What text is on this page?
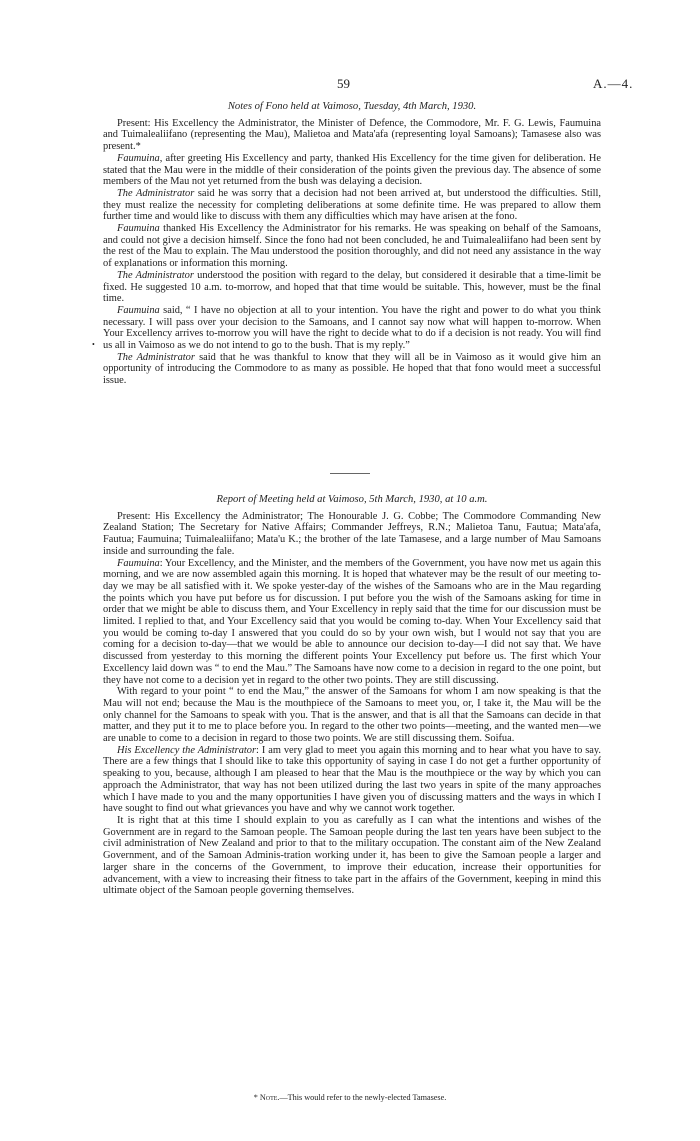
59	A.—4.
Notes of Fono held at Vaimoso, Tuesday, 4th March, 1930.

Present: His Excellency the Administrator, the Minister of Defence, the Commodore, Mr. F. G. Lewis, Faumuina and Tuimalealiifano (representing the Mau), Malietoa and Mata'afa (representing loyal Samoans); Tamasese also was present.*

Faumuina, after greeting His Excellency and party, thanked His Excellency for the time given for deliberation. He stated that the Mau were in the middle of their consideration of the points given the previous day. The absence of some members of the Mau not yet returned from the bush was delaying a decision.

The Administrator said he was sorry that a decision had not been arrived at, but understood the difficulties. Still, they must realize the necessity for completing deliberations at some definite time. He was prepared to allow them further time and would like to discuss with them any difficulties which may have arisen at the fono.

Faumuina thanked His Excellency the Administrator for his remarks. He was speaking on behalf of the Samoans, and could not give a decision himself. Since the fono had not been concluded, he and Tuimalealiifano had been sent by the rest of the Mau to explain. The Mau understood the position thoroughly, and did not need any assistance in the way of explanations or information this morning.

The Administrator understood the position with regard to the delay, but considered it desirable that a time-limit be fixed. He suggested 10 a.m. to-morrow, and hoped that that time would be suitable. This, however, must be the final time.

Faumuina said, “ I have no objection at all to your intention. You have the right and power to do what you think necessary. I will pass over your decision to the Samoans, and I cannot say now what will happen to-morrow. When Your Excellency arrives to-morrow you will have the right to decide what to do if a decision is not ready. You will find us all in Vaimoso as we do not intend to go to the bush. That is my reply.”

The Administrator said that he was thankful to know that they will all be in Vaimoso as it would give him an opportunity of introducing the Commodore to as many as possible. He hoped that that fono would meet a successful issue.

•
Report of Meeting held at Vaimoso, 5th March, 1930, at 10 a.m.

Present: His Excellency the Administrator; The Honourable J. G. Cobbe; The Commodore Commanding New Zealand Station; The Secretary for Native Affairs; Commander Jeffreys, R.N.; Malietoa Tanu, Fautua; Mata'afa, Fautua; Faumuina; Tuimalealiifano; Mata'u K.; the brother of the late Tamasese, and a large number of Mau Samoans inside and surrounding the fale.

Faumuina: Your Excellency, and the Minister, and the members of the Government, you have now met us again this morning, and we are now assembled again this morning. It is hoped that whatever may be the result of our meeting to-day we may be all satisfied with it. We spoke yester-day of the wishes of the Samoans who are in the Mau regarding the points which you have put before us for discussion. I put before you the wish of the Samoans asking for time in order that we might be able to discuss them, and Your Excellency in reply said that the time for our discussion must be limited. I replied to that, and Your Excellency said that you would be coming to-day. When Your Excellency said that you would be coming to-day I answered that you could do so by your own wish, but I would not say that you are coming for a decision to-day—that we would be able to announce our decision to-day—I did not say that. We have discussed from yesterday to this morning the different points Your Excellency put before us. The first which Your Excellency laid down was “ to end the Mau.” The Samoans have now come to a decision in regard to the one point, but they have not come to a decision yet in regard to the other two points. They are still discussing.

With regard to your point “ to end the Mau,” the answer of the Samoans for whom I am now speaking is that the Mau will not end; because the Mau is the mouthpiece of the Samoans to meet you, or, I take it, the Mau will be the only channel for the Samoans to speak with you. That is the answer, and that is all that the Samoans can decide in that matter, and they put it to me to place before you. In regard to the other two points—meeting, and the wanted men—we are unable to come to a decision in regard to those two points. We are still discussing them. Soifua.

His Excellency the Administrator: I am very glad to meet you again this morning and to hear what you have to say. There are a few things that I should like to take this opportunity of saying in case I do not get a further opportunity of speaking to you, because, although I am pleased to hear that the Mau is the mouthpiece or the way by which you can approach the Administrator, that way has not been utilized during the last two years in spite of the many approaches which I have made to you and the many opportunities I have given you of discussing matters and the ways in which I have sought to find out what grievances you have and why we cannot work together.

It is right that at this time I should explain to you as carefully as I can what the intentions and wishes of the Government are in regard to the Samoan people. The Samoan people during the last ten years have been subject to the civil administration of New Zealand and prior to that to the military occupation. The constant aim of the New Zealand Government, and of the Samoan Adminis-tration working under it, has been to give the Samoan people a larger and larger share in the concerns of the Government, to improve their education, increase their opportunities for advancement, with a view to increasing their fitness to take part in the affairs of the Government, keeping in mind this ultimate object of the Samoan people governing themselves.

* Note.—This would refer to the newly-elected Tamasese.
